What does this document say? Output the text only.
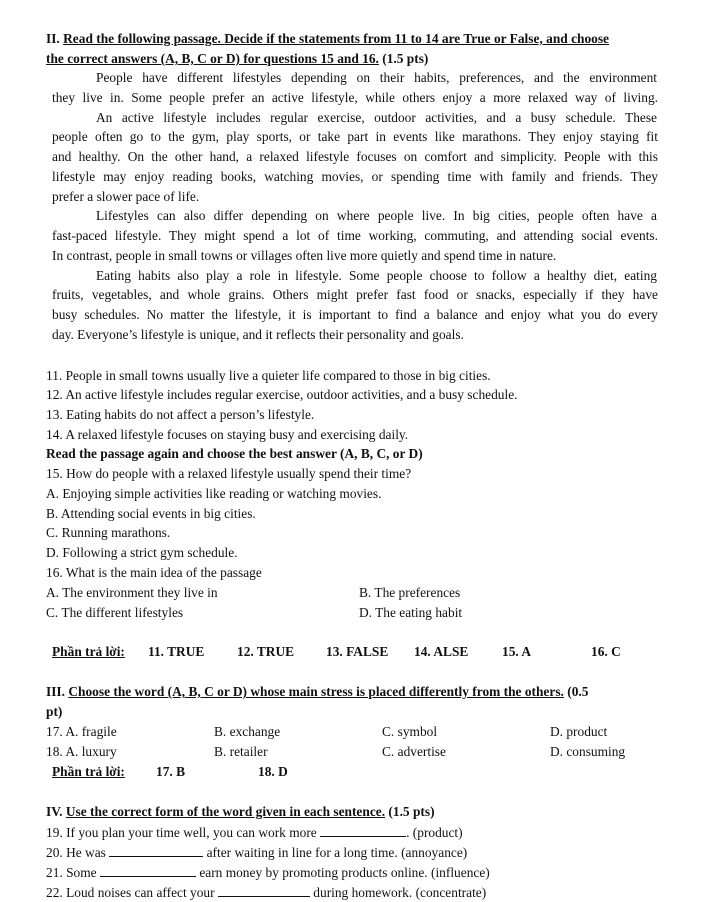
II. Read the following passage. Decide if the statements from 11 to 14 are True or False, and choose
the correct answers (A, B, C or D) for questions 15 and 16. (1.5 pts)
People have different lifestyles depending on their habits, preferences, and the environment
they live in. Some people prefer an active lifestyle, while others enjoy a more relaxed way of living.
An active lifestyle includes regular exercise, outdoor activities, and a busy schedule. These
people often go to the gym, play sports, or take part in events like marathons. They enjoy staying fit
and healthy. On the other hand, a relaxed lifestyle focuses on comfort and simplicity. People with this
lifestyle may enjoy reading books, watching movies, or spending time with family and friends. They
prefer a slower pace of life.
Lifestyles can also differ depending on where people live. In big cities, people often have a
fast-paced lifestyle. They might spend a lot of time working, commuting, and attending social events.
In contrast, people in small towns or villages often live more quietly and spend time in nature.
Eating habits also play a role in lifestyle. Some people choose to follow a healthy diet, eating
fruits, vegetables, and whole grains. Others might prefer fast food or snacks, especially if they have
busy schedules. No matter the lifestyle, it is important to find a balance and enjoy what you do every
day. Everyone’s lifestyle is unique, and it reflects their personality and goals.
11. People in small towns usually live a quieter life compared to those in big cities.
12. An active lifestyle includes regular exercise, outdoor activities, and a busy schedule.
13. Eating habits do not affect a person’s lifestyle.
14. A relaxed lifestyle focuses on staying busy and exercising daily.
Read the passage again and choose the best answer (A, B, C, or D)
15. How do people with a relaxed lifestyle usually spend their time?
A. Enjoying simple activities like reading or watching movies.
B. Attending social events in big cities.
C. Running marathons.
D. Following a strict gym schedule.
16. What is the main idea of the passage
A. The environment they live in	B. The preferences
C. The different lifestyles	D. The eating habit
Phần trả lời: 11. TRUE 12. TRUE 13. FALSE 14. ALSE	15. A	16. C
III. Choose the word (A, B, C or D) whose main stress is placed differently from the others. (0.5
pt)
17. A. fragile	B. exchange	C. symbol	D. product
18. A. luxury	B. retailer	C. advertise	D. consuming
Phần trả lời: 17. B	18. D
IV. Use the correct form of the word given in each sentence. (1.5 pts)
19. If you plan your time well, you can work more	. (product)
20. He was	after waiting in line for a long time. (annoyance)
21. Some	earn money by promoting products online. (influence)
22. Loud noises can affect your	during homework. (concentrate)
